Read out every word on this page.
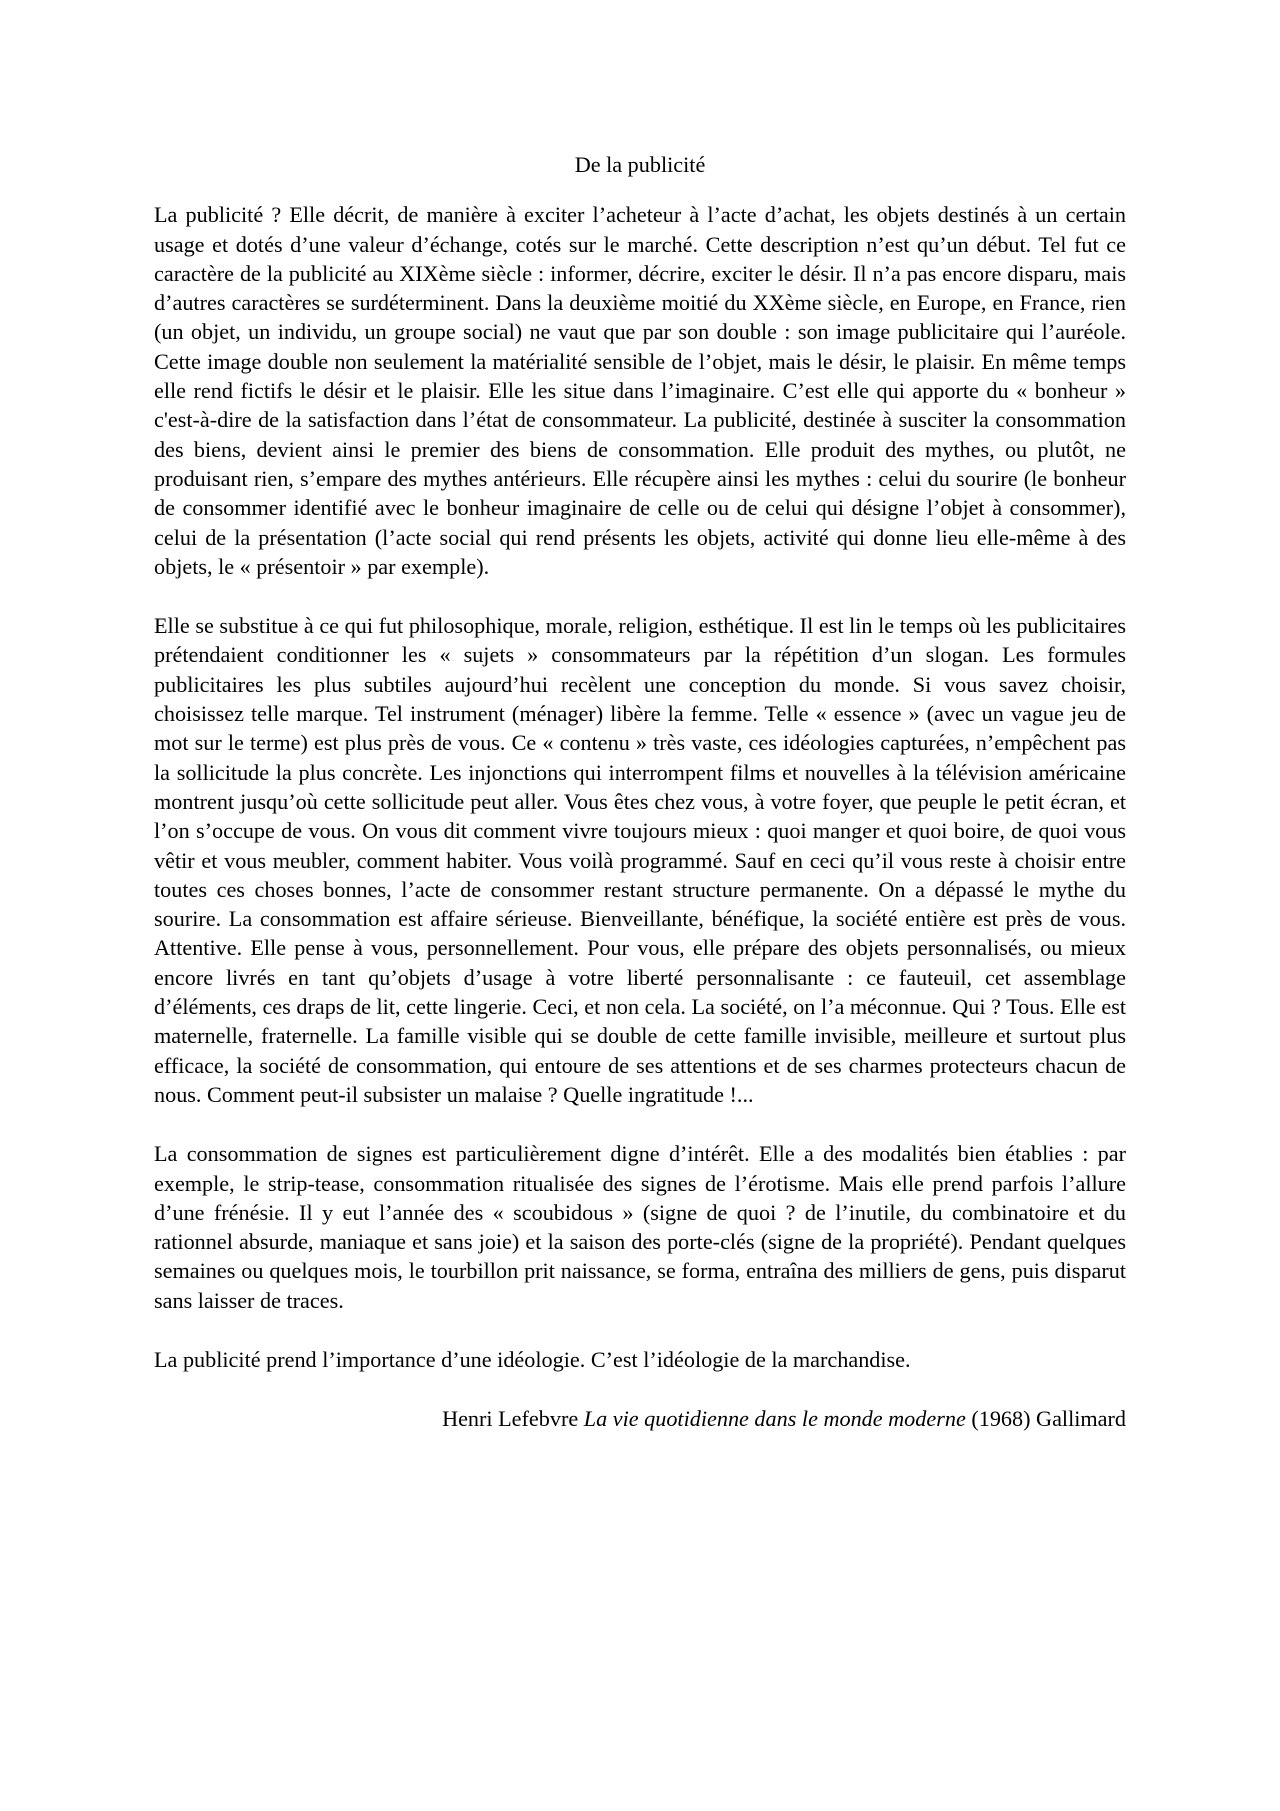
De la publicité

La publicité ? Elle décrit, de manière à exciter l’acheteur à l’acte d’achat, les objets destinés à un certain usage et dotés d’une valeur d’échange, cotés sur le marché. Cette description n’est qu’un début. Tel fut ce caractère de la publicité au XIXème siècle : informer, décrire, exciter le désir. Il n’a pas encore disparu, mais d’autres caractères se surdéterminent. Dans la deuxième moitié du XXème siècle, en Europe, en France, rien (un objet, un individu, un groupe social) ne vaut que par son double : son image publicitaire qui l’auréole. Cette image double non seulement la matérialité sensible de l’objet, mais le désir, le plaisir. En même temps elle rend fictifs le désir et le plaisir. Elle les situe dans l’imaginaire. C’est elle qui apporte du « bonheur » c'est-à-dire de la satisfaction dans l’état de consommateur. La publicité, destinée à susciter la consommation des biens, devient ainsi le premier des biens de consommation. Elle produit des mythes, ou plutôt, ne produisant rien, s’empare des mythes antérieurs. Elle récupère ainsi les mythes : celui du sourire (le bonheur de consommer identifié avec le bonheur imaginaire de celle ou de celui qui désigne l’objet à consommer), celui de la présentation (l’acte social qui rend présents les objets, activité qui donne lieu elle-même à des objets, le « présentoir » par exemple).

Elle se substitue à ce qui fut philosophique, morale, religion, esthétique. Il est lin le temps où les publicitaires prétendaient conditionner les « sujets » consommateurs par la répétition d’un slogan. Les formules publicitaires les plus subtiles aujourd’hui recèlent une conception du monde. Si vous savez choisir, choisissez telle marque. Tel instrument (ménager) libère la femme. Telle « essence » (avec un vague jeu de mot sur le terme) est plus près de vous. Ce « contenu » très vaste, ces idéologies capturées, n’empêchent pas la sollicitude la plus concrète. Les injonctions qui interrompent films et nouvelles à la télévision américaine montrent jusqu’où cette sollicitude peut aller. Vous êtes chez vous, à votre foyer, que peuple le petit écran, et l’on s’occupe de vous. On vous dit comment vivre toujours mieux : quoi manger et quoi boire, de quoi vous vêtir et vous meubler, comment habiter. Vous voilà programmé. Sauf en ceci qu’il vous reste à choisir entre toutes ces choses bonnes, l’acte de consommer restant structure permanente. On a dépassé le mythe du sourire. La consommation est affaire sérieuse. Bienveillante, bénéfique, la société entière est près de vous. Attentive. Elle pense à vous, personnellement. Pour vous, elle prépare des objets personnalisés, ou mieux encore livrés en tant qu’objets d’usage à votre liberté personnalisante : ce fauteuil, cet assemblage d’éléments, ces draps de lit, cette lingerie. Ceci, et non cela. La société, on l’a méconnue. Qui ? Tous. Elle est maternelle, fraternelle. La famille visible qui se double de cette famille invisible, meilleure et surtout plus efficace, la société de consommation, qui entoure de ses attentions et de ses charmes protecteurs chacun de nous. Comment peut-il subsister un malaise ? Quelle ingratitude !...

La consommation de signes est particulièrement digne d’intérêt. Elle a des modalités bien établies : par exemple, le strip-tease, consommation ritualisée des signes de l’érotisme. Mais elle prend parfois l’allure d’une frénésie. Il y eut l’année des « scoubidous » (signe de quoi ? de l’inutile, du combinatoire et du rationnel absurde, maniaque et sans joie) et la saison des porte-clés (signe de la propriété). Pendant quelques semaines ou quelques mois, le tourbillon prit naissance, se forma, entraîna des milliers de gens, puis disparut sans laisser de traces.

La publicité prend l’importance d’une idéologie. C’est l’idéologie de la marchandise.

Henri Lefebvre La vie quotidienne dans le monde moderne (1968) Gallimard
